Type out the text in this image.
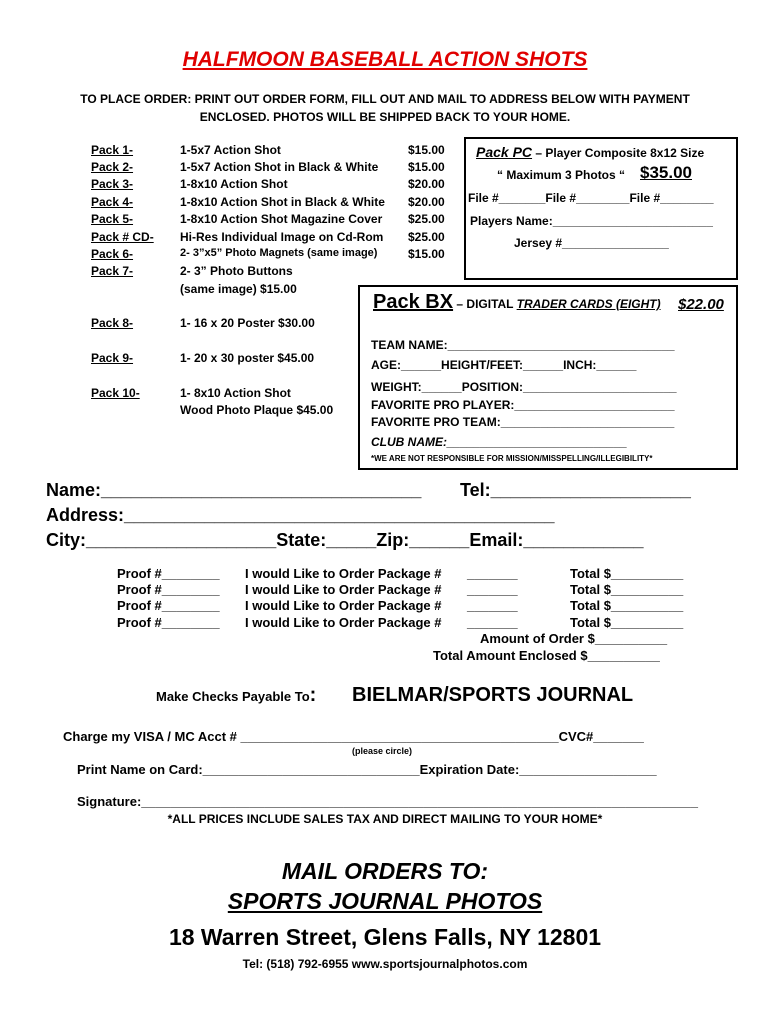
HALFMOON BASEBALL ACTION SHOTS
TO PLACE ORDER: PRINT OUT ORDER FORM, FILL OUT AND MAIL TO ADDRESS BELOW WITH PAYMENT
ENCLOSED. PHOTOS WILL BE SHIPPED BACK TO YOUR HOME.
Pack 1-	1-5x7 Action Shot	$15.00
Pack 2-	1-5x7 Action Shot in Black & White $15.00
Pack 3-	1-8x10 Action Shot	$20.00
Pack 4-	1-8x10 Action Shot in Black & White $20.00
Pack 5-	1-8x10 Action Shot Magazine Cover $25.00
Pack # CD- Hi-Res Individual Image on Cd-Rom $25.00
Pack 6-	2- 3”x5” Photo Magnets (same image)	$15.00
Pack 7-	2- 3” Photo Buttons
(same image) $15.00
Pack 8-	1- 16 x 20 Poster $30.00
Pack 9-	1- 20 x 30 poster $45.00
Pack 10-	1- 8x10 Action Shot
Wood Photo Plaque $45.00
Pack PC – Player Composite 8x12 Size
“ Maximum 3 Photos “ $35.00
File #_______File #________File #________
Players Name:________________________
Jersey #________________
Pack BX – DIGITAL TRADER CARDS (EIGHT) $22.00
TEAM NAME:__________________________________
AGE:______HEIGHT/FEET:______INCH:______
WEIGHT:______POSITION:_______________________
FAVORITE PRO PLAYER:________________________
FAVORITE PRO TEAM:__________________________
CLUB NAME:___________________________
*WE ARE NOT RESPONSIBLE FOR MISSION/MISSPELLING/ILLEGIBILITY*
Name:________________________________ Tel:____________________
Address:___________________________________________
City:___________________State:_____Zip:______Email:____________
Proof #________ I would Like to Order Package # _______	Total $__________
Proof #________ I would Like to Order Package # _______	Total $__________
Proof #________ I would Like to Order Package # _______	Total $__________
Proof #________ I would Like to Order Package # _______	Total $__________
Amount of Order $__________
Total Amount Enclosed $__________
Make Checks Payable To: BIELMAR/SPORTS JOURNAL
Charge my VISA / MC Acct # ____________________________________________CVC#_______
(please circle)
Print Name on Card:______________________________Expiration Date:___________________
Signature:_____________________________________________________________________________
*ALL PRICES INCLUDE SALES TAX AND DIRECT MAILING TO YOUR HOME*
MAIL ORDERS TO:
SPORTS JOURNAL PHOTOS
18 Warren Street, Glens Falls, NY 12801
Tel: (518) 792-6955 www.sportsjournalphotos.com
